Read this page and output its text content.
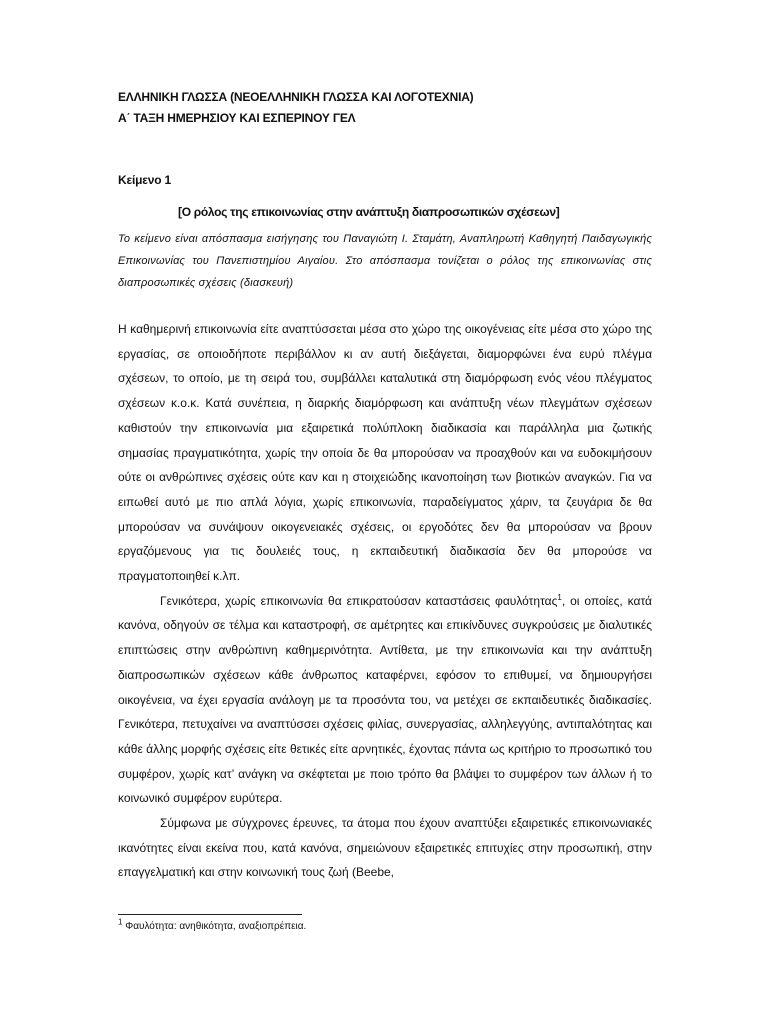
ΕΛΛΗΝΙΚΗ ΓΛΩΣΣΑ (ΝΕΟΕΛΛΗΝΙΚΗ ΓΛΩΣΣΑ ΚΑΙ ΛΟΓΟΤΕΧΝΙΑ)
Α΄ ΤΑΞΗ ΗΜΕΡΗΣΙΟΥ ΚΑΙ ΕΣΠΕΡΙΝΟΥ ΓΕΛ
Κείμενο 1
[Ο ρόλος της επικοινωνίας στην ανάπτυξη διαπροσωπικών σχέσεων]
Το κείμενο είναι απόσπασμα εισήγησης του Παναγιώτη Ι. Σταμάτη, Αναπληρωτή Καθηγητή Παιδαγωγικής Επικοινωνίας του Πανεπιστημίου Αιγαίου. Στο απόσπασμα τονίζεται ο ρόλος της επικοινωνίας στις διαπροσωπικές σχέσεις (διασκευή)

Η καθημερινή επικοινωνία είτε αναπτύσσεται μέσα στο χώρο της οικογένειας είτε μέσα στο χώρο της εργασίας, σε οποιοδήποτε περιβάλλον κι αν αυτή διεξάγεται, διαμορφώνει ένα ευρύ πλέγμα σχέσεων, το οποίο, με τη σειρά του, συμβάλλει καταλυτικά στη διαμόρφωση ενός νέου πλέγματος σχέσεων κ.ο.κ. Κατά συνέπεια, η διαρκής διαμόρφωση και ανάπτυξη νέων πλεγμάτων σχέσεων καθιστούν την επικοινωνία μια εξαιρετικά πολύπλοκη διαδικασία και παράλληλα μια ζωτικής σημασίας πραγματικότητα, χωρίς την οποία δε θα μπορούσαν να προαχθούν και να ευδοκιμήσουν ούτε οι ανθρώπινες σχέσεις ούτε καν και η στοιχειώδης ικανοποίηση των βιοτικών αναγκών. Για να ειπωθεί αυτό με πιο απλά λόγια, χωρίς επικοινωνία, παραδείγματος χάριν, τα ζευγάρια δε θα μπορούσαν να συνάψουν οικογενειακές σχέσεις, οι εργοδότες δεν θα μπορούσαν να βρουν εργαζόμενους για τις δουλειές τους, η εκπαιδευτική διαδικασία δεν θα μπορούσε να πραγματοποιηθεί κ.λπ.

Γενικότερα, χωρίς επικοινωνία θα επικρατούσαν καταστάσεις φαυλότητας$^1$, οι οποίες, κατά κανόνα, οδηγούν σε τέλμα και καταστροφή, σε αμέτρητες και επικίνδυνες συγκρούσεις με διαλυτικές επιπτώσεις στην ανθρώπινη καθημερινότητα. Αντίθετα, με την επικοινωνία και την ανάπτυξη διαπροσωπικών σχέσεων κάθε άνθρωπος καταφέρνει, εφόσον το επιθυμεί, να δημιουργήσει οικογένεια, να έχει εργασία ανάλογη με τα προσόντα του, να μετέχει σε εκπαιδευτικές διαδικασίες. Γενικότερα, πετυχαίνει να αναπτύσσει σχέσεις φιλίας, συνεργασίας, αλληλεγγύης, αντιπαλότητας και κάθε άλλης μορφής σχέσεις είτε θετικές είτε αρνητικές, έχοντας πάντα ως κριτήριο το προσωπικό του συμφέρον, χωρίς κατ’ ανάγκη να σκέφτεται με ποιο τρόπο θα βλάψει το συμφέρον των άλλων ή το κοινωνικό συμφέρον ευρύτερα.

Σύμφωνα με σύγχρονες έρευνες, τα άτομα που έχουν αναπτύξει εξαιρετικές επικοινωνιακές ικανότητες είναι εκείνα που, κατά κανόνα, σημειώνουν εξαιρετικές επιτυχίες στην προσωπική, στην επαγγελματική και στην κοινωνική τους ζωή (Beebe,

$^1$ Φαυλότητα: ανηθικότητα, αναξιοπρέπεια.
